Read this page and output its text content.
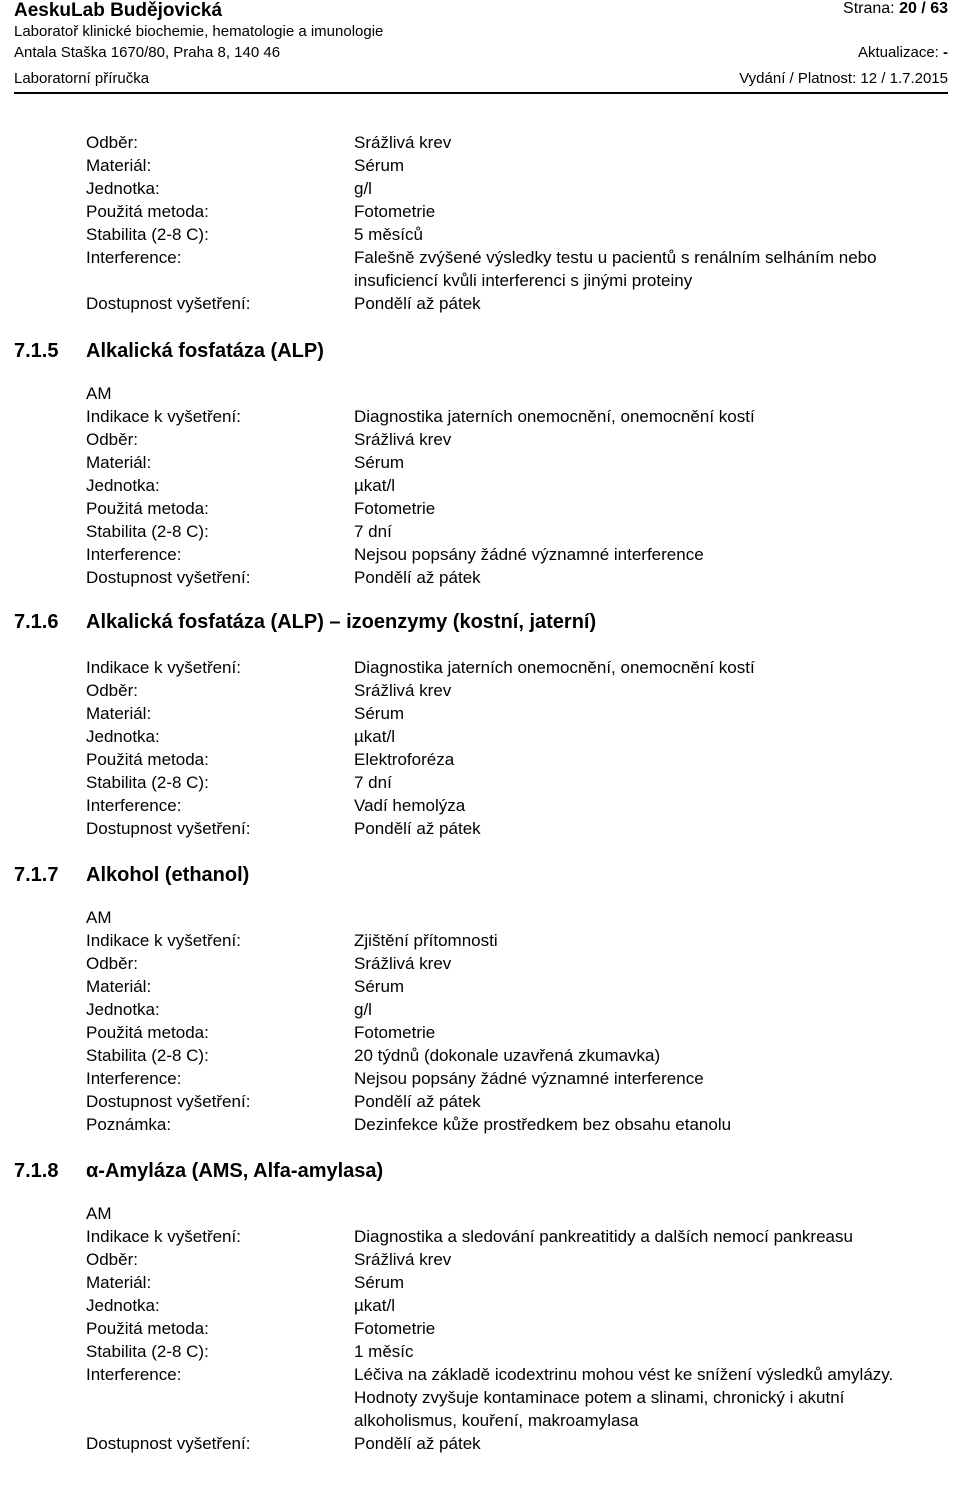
AeskuLab Budějovická	Strana: 20 / 63
Laboratoř klinické biochemie, hematologie a imunologie
Antala Staška 1670/80, Praha 8, 140 46	Aktualizace: -
Laboratorní příručka	Vydání / Platnost: 12 / 1.7.2015
Odběr:	Srážlivá krev
Materiál:	Sérum
Jednotka:	g/l
Použitá metoda:	Fotometrie
Stabilita (2-8 C):	5 měsíců
Interference:	Falešně zvýšené výsledky testu u pacientů s renálním selháním nebo insuficiencí kvůli interferenci s jinými proteiny
Dostupnost vyšetření:	Pondělí až pátek
7.1.5 Alkalická fosfatáza (ALP)
AM
Indikace k vyšetření:	Diagnostika jaterních onemocnění, onemocnění kostí
Odběr:	Srážlivá krev
Materiál:	Sérum
Jednotka:	µkat/l
Použitá metoda:	Fotometrie
Stabilita (2-8 C):	7 dní
Interference:	Nejsou popsány žádné významné interference
Dostupnost vyšetření:	Pondělí až pátek
7.1.6 Alkalická fosfatáza (ALP) – izoenzymy (kostní, jaterní)
Indikace k vyšetření:	Diagnostika jaterních onemocnění, onemocnění kostí
Odběr:	Srážlivá krev
Materiál:	Sérum
Jednotka:	µkat/l
Použitá metoda:	Elektroforéza
Stabilita (2-8 C):	7 dní
Interference:	Vadí hemolýza
Dostupnost vyšetření:	Pondělí až pátek
7.1.7 Alkohol (ethanol)
AM
Indikace k vyšetření:	Zjištění přítomnosti
Odběr:	Srážlivá krev
Materiál:	Sérum
Jednotka:	g/l
Použitá metoda:	Fotometrie
Stabilita (2-8 C):	20 týdnů (dokonale uzavřená zkumavka)
Interference:	Nejsou popsány žádné významné interference
Dostupnost vyšetření:	Pondělí až pátek
Poznámka:	Dezinfekce kůže prostředkem bez obsahu etanolu
7.1.8 α-Amyláza (AMS, Alfa-amylasa)
AM
Indikace k vyšetření:	Diagnostika a sledování pankreatitidy a dalších nemocí pankreasu
Odběr:	Srážlivá krev
Materiál:	Sérum
Jednotka:	µkat/l
Použitá metoda:	Fotometrie
Stabilita (2-8 C):	1 měsíc
Interference:	Léčiva na základě icodextrinu mohou vést ke snížení výsledků amylázy. Hodnoty zvyšuje kontaminace potem a slinami, chronický i akutní alkoholismus, kouření, makroamylasa
Dostupnost vyšetření:	Pondělí až pátek
